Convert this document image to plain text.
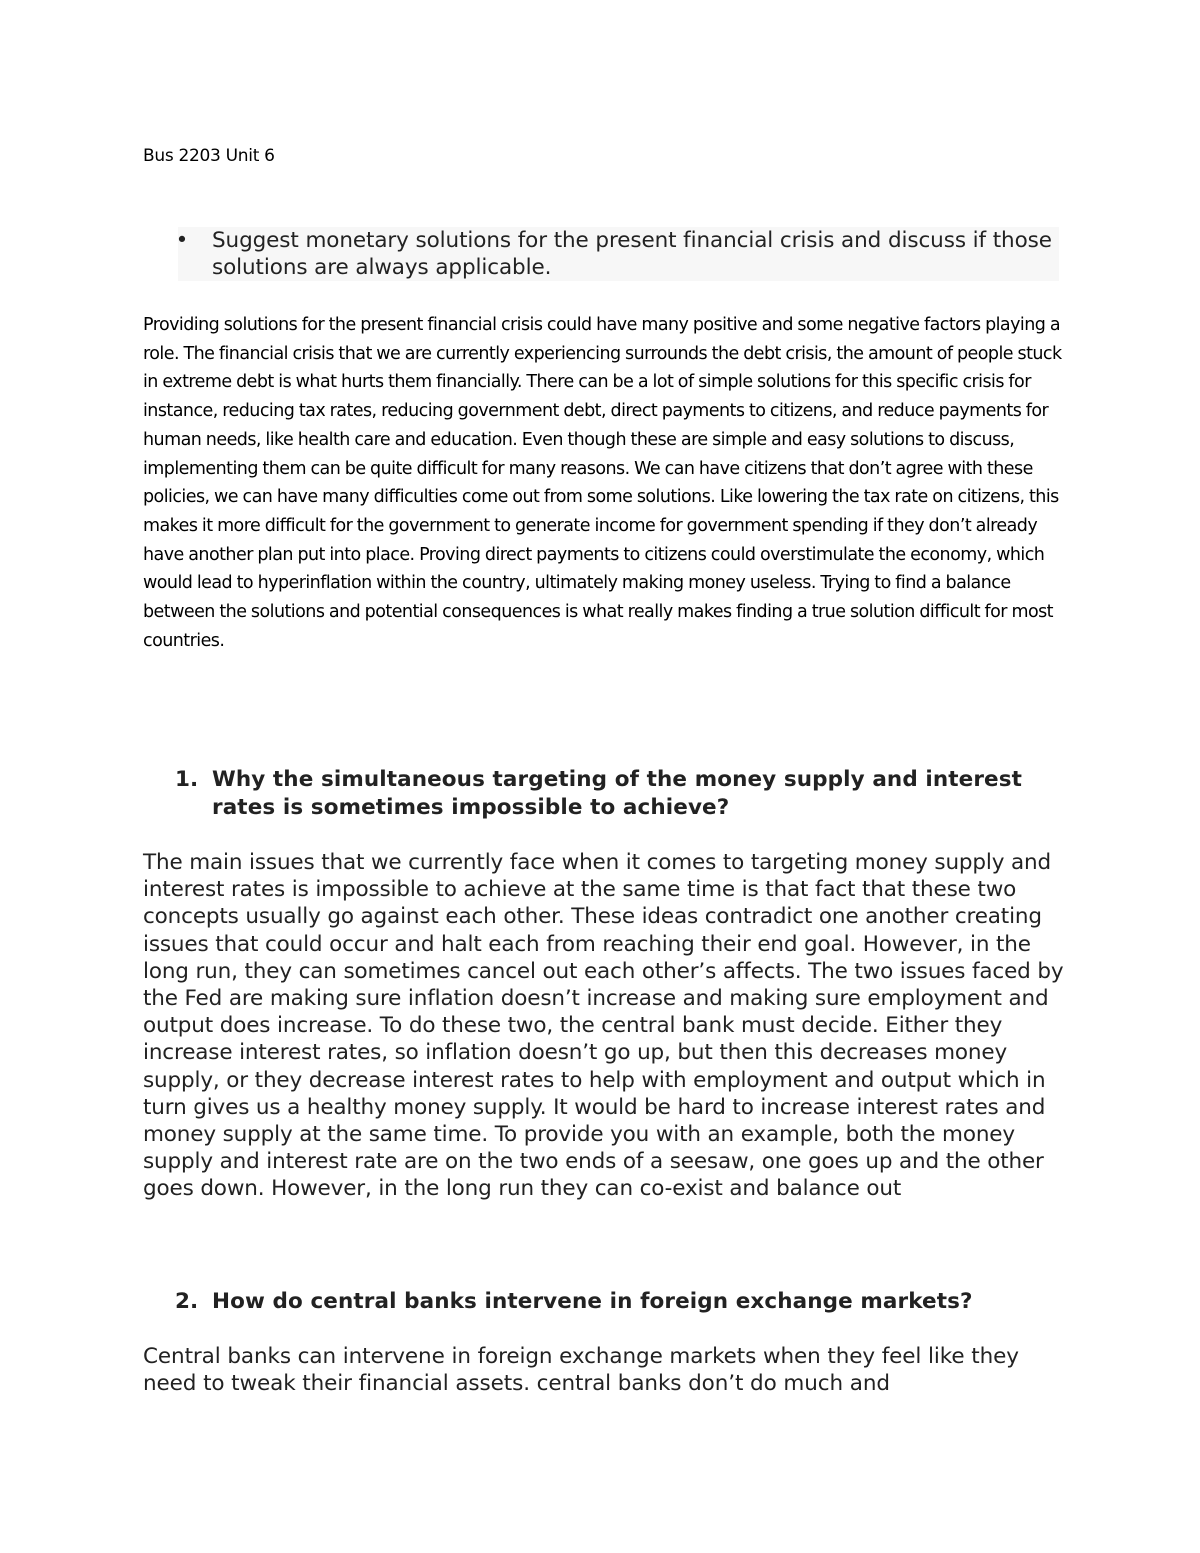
Bus 2203 Unit 6
•	Suggest monetary solutions for the present financial crisis and discuss if those solutions are always applicable.
Providing solutions for the present financial crisis could have many positive and some negative factors playing a role. The financial crisis that we are currently experiencing surrounds the debt crisis, the amount of people stuck in extreme debt is what hurts them financially. There can be a lot of simple solutions for this specific crisis for instance, reducing tax rates, reducing government debt, direct payments to citizens, and reduce payments for human needs, like health care and education. Even though these are simple and easy solutions to discuss, implementing them can be quite difficult for many reasons. We can have citizens that don’t agree with these policies, we can have many difficulties come out from some solutions. Like lowering the tax rate on citizens, this makes it more difficult for the government to generate income for government spending if they don’t already have another plan put into place. Proving direct payments to citizens could overstimulate the economy, which would lead to hyperinflation within the country, ultimately making money useless. Trying to find a balance between the solutions and potential consequences is what really makes finding a true solution difficult for most countries.
1. Why the simultaneous targeting of the money supply and interest rates is sometimes impossible to achieve?
The main issues that we currently face when it comes to targeting money supply and interest rates is impossible to achieve at the same time is that fact that these two concepts usually go against each other. These ideas contradict one another creating issues that could occur and halt each from reaching their end goal. However, in the long run, they can sometimes cancel out each other’s affects. The two issues faced by the Fed are making sure inflation doesn’t increase and making sure employment and output does increase. To do these two, the central bank must decide. Either they increase interest rates, so inflation doesn’t go up, but then this decreases money supply, or they decrease interest rates to help with employment and output which in turn gives us a healthy money supply. It would be hard to increase interest rates and money supply at the same time. To provide you with an example, both the money supply and interest rate are on the two ends of a seesaw, one goes up and the other goes down. However, in the long run they can co-exist and balance out
2. How do central banks intervene in foreign exchange markets?
Central banks can intervene in foreign exchange markets when they feel like they need to tweak their financial assets. central banks don’t do much and
